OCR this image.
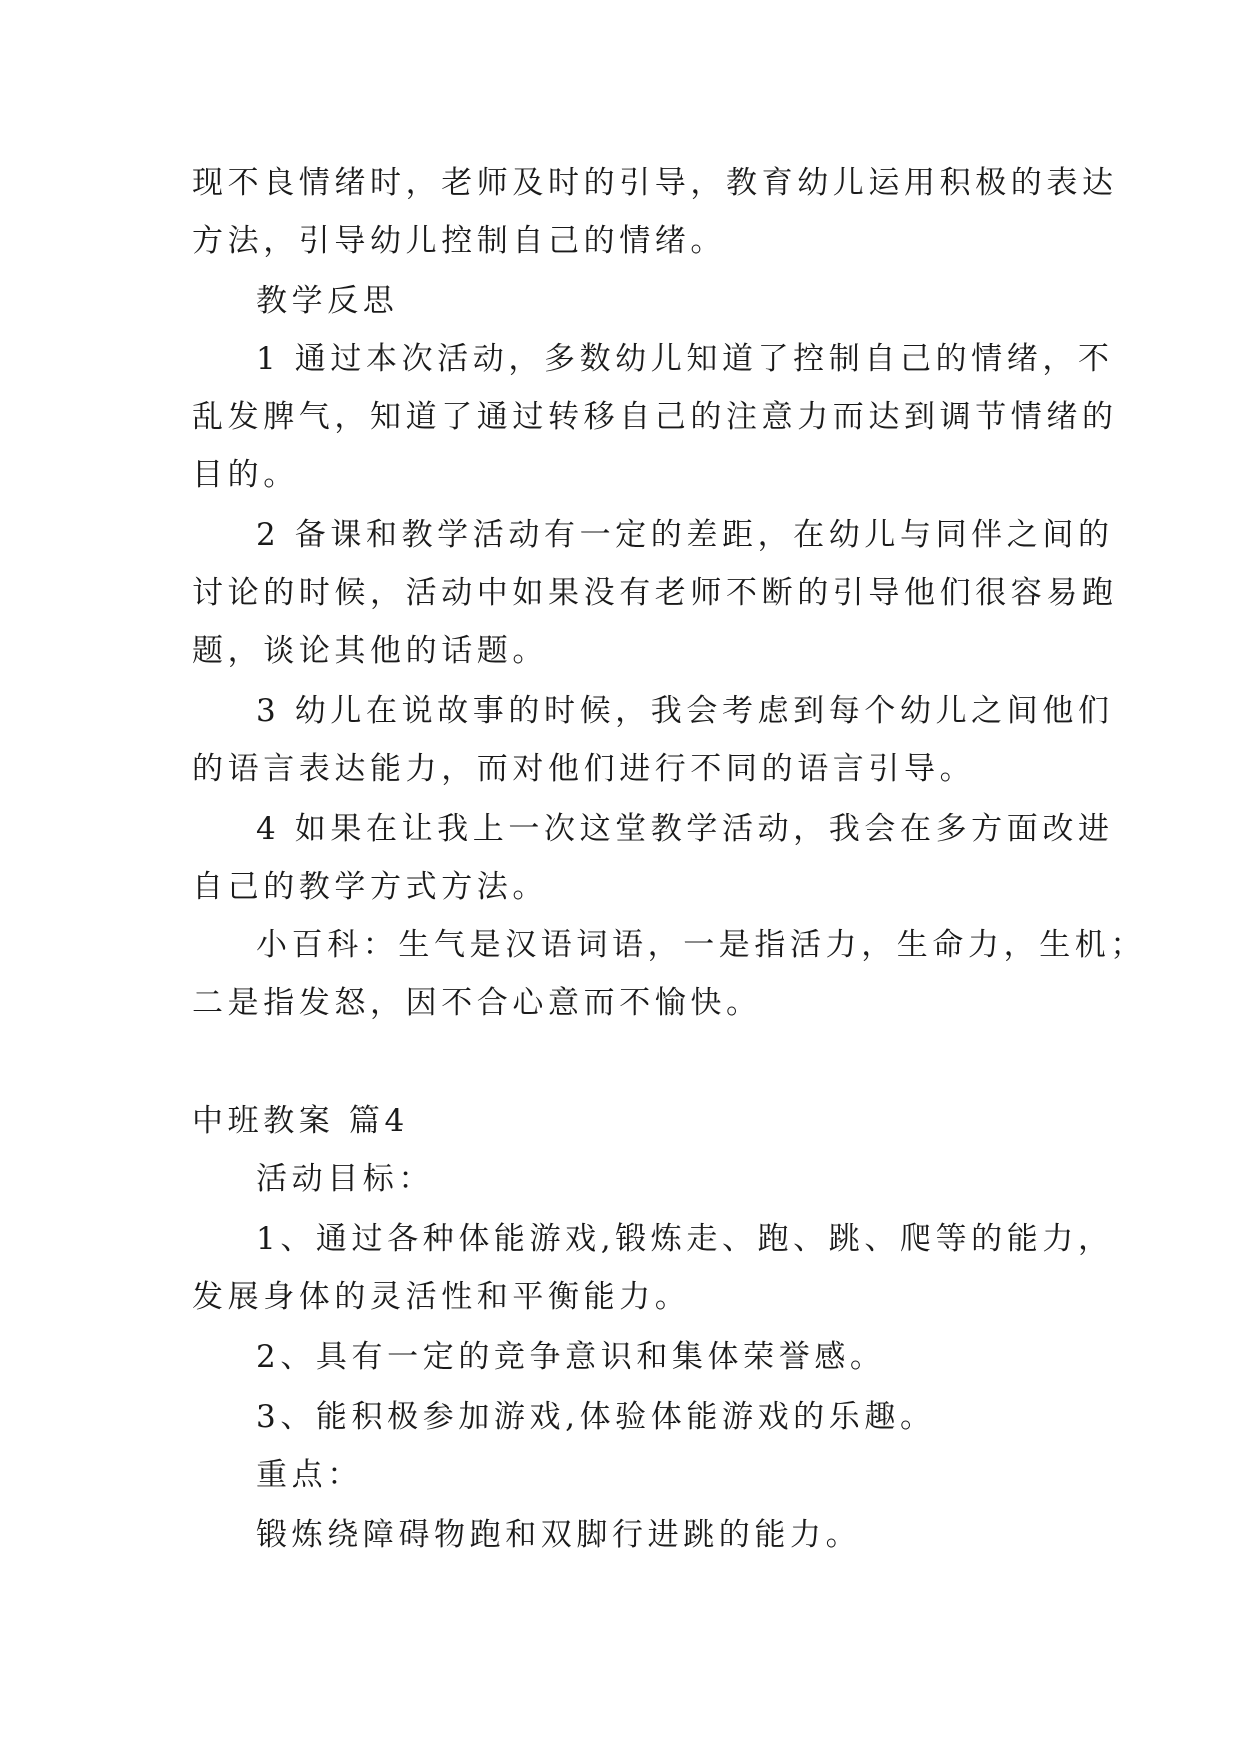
现不良情绪时，老师及时的引导，教育幼儿运用积极的表达
方法，引导幼儿控制自己的情绪。
教学反思
1 通过本次活动，多数幼儿知道了控制自己的情绪，不
乱发脾气，知道了通过转移自己的注意力而达到调节情绪的
目的。
2 备课和教学活动有一定的差距，在幼儿与同伴之间的
讨论的时候，活动中如果没有老师不断的引导他们很容易跑
题，谈论其他的话题。
3 幼儿在说故事的时候，我会考虑到每个幼儿之间他们
的语言表达能力，而对他们进行不同的语言引导。
4 如果在让我上一次这堂教学活动，我会在多方面改进
自己的教学方式方法。
小百科：生气是汉语词语，一是指活力，生命力，生机；
二是指发怒，因不合心意而不愉快。
中班教案 篇4
活动目标：
1、通过各种体能游戏,锻炼走、跑、跳、爬等的能力，
发展身体的灵活性和平衡能力。
2、具有一定的竞争意识和集体荣誉感。
3、能积极参加游戏,体验体能游戏的乐趣。
重点：
锻炼绕障碍物跑和双脚行进跳的能力。
